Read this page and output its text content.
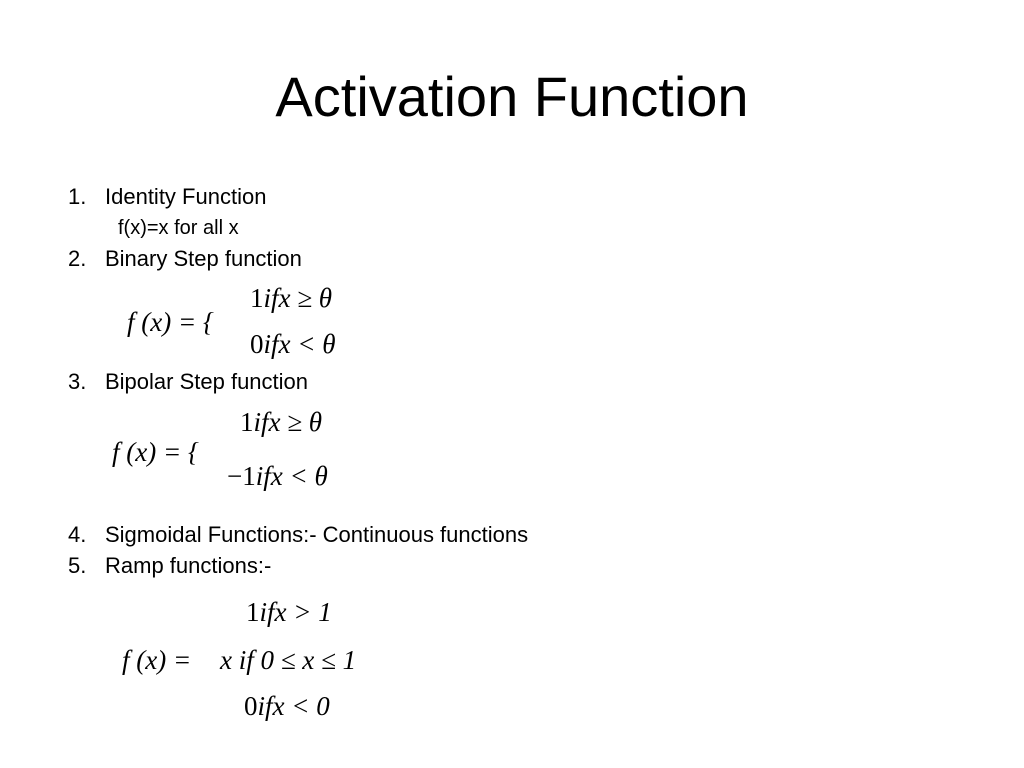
Activation Function
1. Identity Function
f(x)=x for all x
2. Binary Step function
f (x) = {
1ifx ≥ θ
0ifx < θ
3. Bipolar Step function
f (x) = {
1ifx ≥ θ
−1ifx < θ
4. Sigmoidal Functions:- Continuous functions
5. Ramp functions:-
1ifx > 1
f (x) = x if 0 ≤ x ≤ 1
0ifx < 0
